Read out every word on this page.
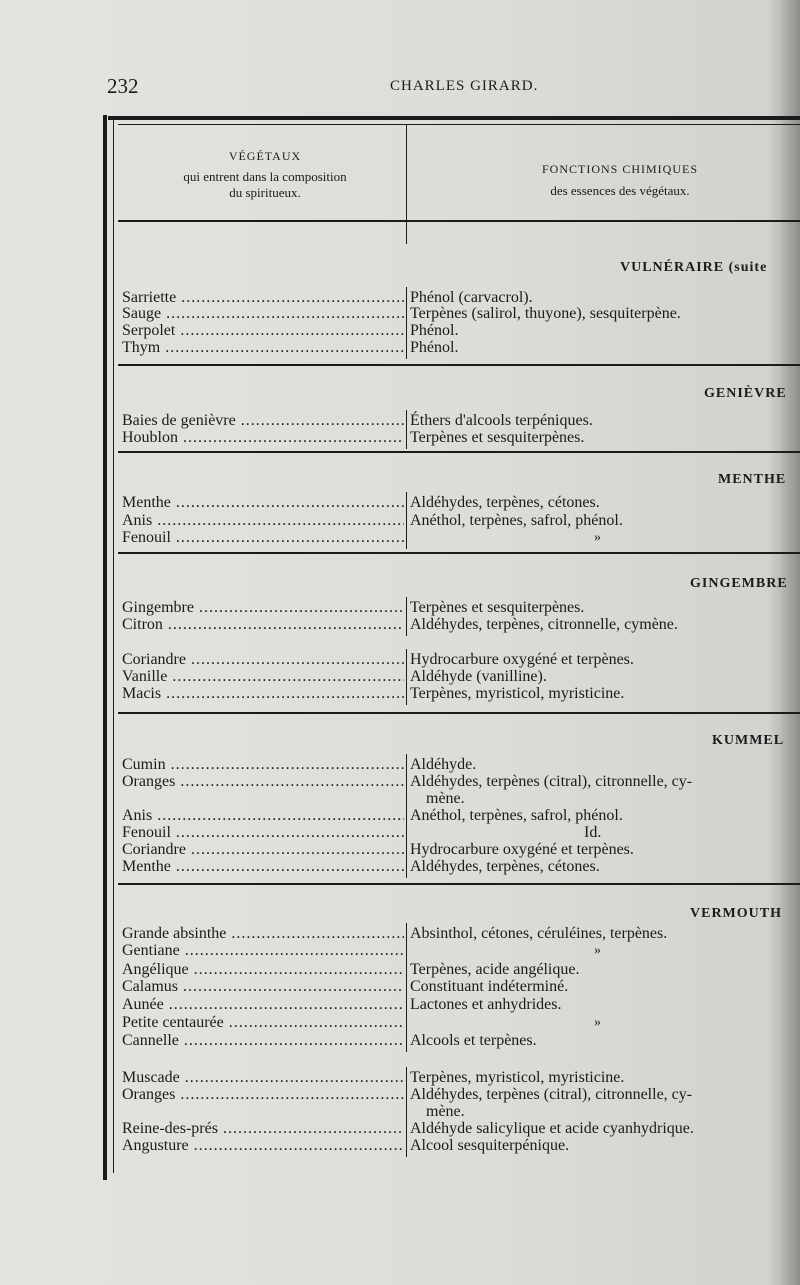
232	CHARLES GIRARD.
VÉGÉTAUX
qui entrent dans la composition
du spiritueux.
FONCTIONS CHIMIQUES
des essences des végétaux.
VULNÉRAIRE (suite
Sarriette .....	Phénol (carvacrol).
Sauge .....	Terpènes (salirol, thuyone), sesquiterpène.
Serpolet .....	Phénol.
Thym .....	Phénol.
GENIÈVRE
Baies de genièvre .....	Éthers d'alcools terpéniques.
Houblon .....	Terpènes et sesquiterpènes.
MENTHE
Menthe .....	Aldéhydes, terpènes, cétones.
Anis .....	Anéthol, terpènes, safrol, phénol.
Fenouil .....	»
GINGEMBRE
Gingembre .....	Terpènes et sesquiterpènes.
Citron .....	Aldéhydes, terpènes, citronnelle, cymène.
Coriandre .....	Hydrocarbure oxygéné et terpènes.
Vanille .....	Aldéhyde (vanilline).
Macis .....	Terpènes, myristicol, myristicine.
KUMMEL
Cumin .....	Aldéhyde.
Oranges .....	Aldéhydes, terpènes (citral), citronnelle, cy-
mène.
Anis .....	Anéthol, terpènes, safrol, phénol.
Fenouil .....	Id.
Coriandre .....	Hydrocarbure oxygéné et terpènes.
Menthe .....	Aldéhydes, terpènes, cétones.
VERMOUTH
Grande absinthe .....	Absinthol, cétones, céruléines, terpènes.
Gentiane .....	»
Angélique .....	Terpènes, acide angélique.
Calamus .....	Constituant indéterminé.
Aunée .....	Lactones et anhydrides.
Petite centaurée .....	»
Cannelle .....	Alcools et terpènes.
Muscade .....	Terpènes, myristicol, myristicine.
Oranges .....	Aldéhydes, terpènes (citral), citronnelle, cy-
mène.
Reine-des-prés .....	Aldéhyde salicylique et acide cyanhydrique.
Angusture .....	Alcool sesquiterpénique.
